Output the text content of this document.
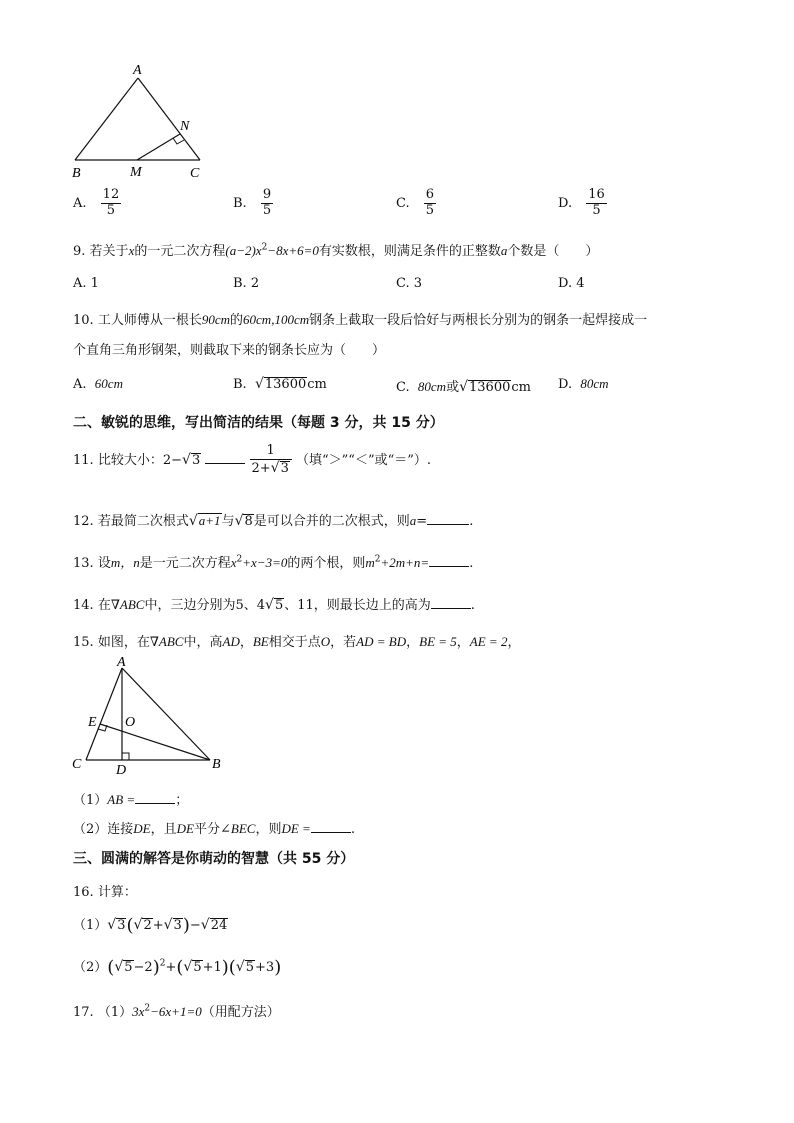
A
N
B	M	C
A. $\frac{12}{5}$	B. $\frac{9}{5}$	C. $\frac{6}{5}$	D. $\frac{16}{5}$
9. 若关于x的一元二次方程$(a-2)x^2-8x+6=0$有实数根，则满足条件的正整数a个数是（　　）
A. 1	B. 2	C. 3	D. 4
10. 工人师傅从一根长90cm的60cm,100cm钢条上截取一段后恰好与两根长分别为的钢条一起焊接成一
个直角三角形钢架，则截取下来的钢条长应为（　　）
A. 60cm	B. √13600cm	C. 80cm或√13600cm D. 80cm
二、敏锐的思维，写出简洁的结果（每题 3 分，共 15 分）
11. 比较大小：2−√3	$\frac{1}{2+√3}$ （填“＞”“＜”或“＝”）.
12. 若最简二次根式√a+1与√8是可以合并的二次根式，则a=	.
13. 设m，n是一元二次方程$x^2+x-3=0$的两个根，则$m^2+2m+n=$	.
14. 在∇ABC中，三边分别为5、4√5、11，则最长边上的高为	.
15. 如图，在∇ABC中，高AD，BE相交于点O，若AD = BD，BE = 5，AE = 2，
A
E O
C D	B
（1）AB =	；
（2）连接DE，且DE平分∠BEC，则DE =	.
三、圆满的解答是你萌动的智慧（共 55 分）
16. 计算：
（1）√3(√2+√3)−√24
$(2)(√5-2)^2+(√5+1)(√5+3)$
17. $(1)3x^2-6x+1=0$（用配方法）
